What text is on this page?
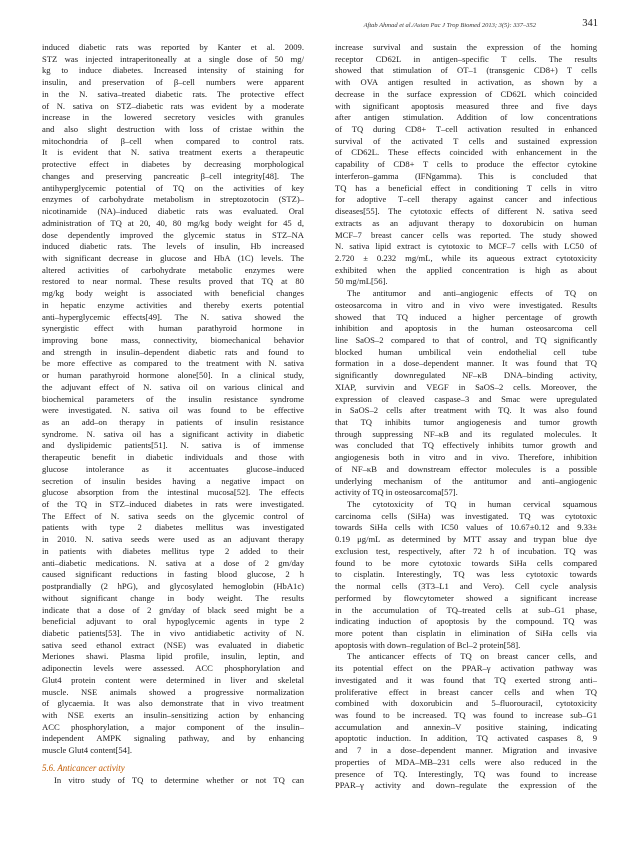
Aftab Ahmad et al./Asian Pac J Trop Biomed 2013; 3(5): 337–352	341
induced diabetic rats was reported by Kanter et al. 2009.
STZ was injected intraperitoneally at a single dose of 50 mg/
kg to induce diabetes. Increased intensity of staining for
insulin, and preservation of β–cell numbers were apparent
in the N. sativa–treated diabetic rats. The protective effect
of N. sativa on STZ–diabetic rats was evident by a moderate
increase in the lowered secretory vesicles with granules
and also slight destruction with loss of cristae within the
mitochondria of β–cell when compared to control rats.
It is evident that N. sativa treatment exerts a therapeutic
protective effect in diabetes by decreasing morphological
changes and preserving pancreatic β–cell integrity[48]. The
antihyperglycemic potential of TQ on the activities of key
enzymes of carbohydrate metabolism in streptozotocin (STZ)–
nicotinamide (NA)–induced diabetic rats was evaluated. Oral
administration of TQ at 20, 40, 80 mg/kg body weight for 45 d,
dose dependently improved the glycemic status in STZ–NA
induced diabetic rats. The levels of insulin, Hb increased
with significant decrease in glucose and HbA (1C) levels. The
altered activities of carbohydrate metabolic enzymes were
restored to near normal. These results proved that TQ at 80
mg/kg body weight is associated with beneficial changes
in hepatic enzyme activities and thereby exerts potential
anti–hyperglycemic effects[49]. The N. sativa showed the
synergistic effect with human parathyroid hormone in
improving bone mass, connectivity, biomechanical behavior
and strength in insulin–dependent diabetic rats and found to
be more effective as compared to the treatment with N. sativa
or human parathyroid hormone alone[50]. In a clinical study,
the adjuvant effect of N. sativa oil on various clinical and
biochemical parameters of the insulin resistance syndrome
were investigated. N. sativa oil was found to be effective
as an add–on therapy in patients of insulin resistance
syndrome. N. sativa oil has a significant activity in diabetic
and dyslipidemic patients[51]. N. sativa is of immense
therapeutic benefit in diabetic individuals and those with
glucose intolerance as it accentuates glucose–induced
secretion of insulin besides having a negative impact on
glucose absorption from the intestinal mucosa[52]. The effects
of the TQ in STZ–induced diabetes in rats were investigated.
The Effect of N. sativa seeds on the glycemic control of
patients with type 2 diabetes mellitus was investigated
in 2010. N. sativa seeds were used as an adjuvant therapy
in patients with diabetes mellitus type 2 added to their
anti–diabetic medications. N. sativa at a dose of 2 gm/day
caused significant reductions in fasting blood glucose, 2 h
postprandially (2 hPG), and glycosylated hemoglobin (HbA1c)
without significant change in body weight. The results
indicate that a dose of 2 gm/day of black seed might be a
beneficial adjuvant to oral hypoglycemic agents in type 2
diabetic patients[53]. The in vivo antidiabetic activity of N.
sativa seed ethanol extract (NSE) was evaluated in diabetic
Meriones shawi. Plasma lipid profile, insulin, leptin, and
adiponectin levels were assessed. ACC phosphorylation and
Glut4 protein content were determined in liver and skeletal
muscle. NSE animals showed a progressive normalization
of glycaemia. It was also demonstrate that in vivo treatment
with NSE exerts an insulin–sensitizing action by enhancing
ACC phosphorylation, a major component of the insulin–
independent AMPK signaling pathway, and by enhancing
muscle Glut4 content[54].
5.6. Anticancer activity
In vitro study of TQ to determine whether or not TQ can
increase survival and sustain the expression of the homing
receptor CD62L in antigen–specific T cells. The results
showed that stimulation of OT–1 (transgenic CD8+) T cells
with OVA antigen resulted in activation, as shown by a
decrease in the surface expression of CD62L which coincided
with significant apoptosis measured three and five days
after antigen stimulation. Addition of low concentrations
of TQ during CD8+ T–cell activation resulted in enhanced
survival of the activated T cells and sustained expression
of CD62L. These effects coincided with enhancement in the
capability of CD8+ T cells to produce the effector cytokine
interferon–gamma (IFNgamma). This is concluded that
TQ has a beneficial effect in conditioning T cells in vitro
for adoptive T–cell therapy against cancer and infectious
diseases[55]. The cytotoxic effects of different N. sativa seed
extracts as an adjuvant therapy to doxorubicin on human
MCF–7 breast cancer cells was reported. The study showed
N. sativa lipid extract is cytotoxic to MCF–7 cells with LC50 of
2.720 ± 0.232 mg/mL, while its aqueous extract cytotoxicity
exhibited when the applied concentration is high as about
50 mg/mL[56].
The antitumor and anti–angiogenic effects of TQ on
osteosarcoma in vitro and in vivo were investigated. Results
showed that TQ induced a higher percentage of growth
inhibition and apoptosis in the human osteosarcoma cell
line SaOS–2 compared to that of control, and TQ significantly
blocked human umbilical vein endothelial cell tube
formation in a dose–dependent manner. It was found that TQ
significantly downregulated NF–κB DNA–binding activity,
XIAP, survivin and VEGF in SaOS–2 cells. Moreover, the
expression of cleaved caspase–3 and Smac were upregulated
in SaOS–2 cells after treatment with TQ. It was also found
that TQ inhibits tumor angiogenesis and tumor growth
through suppressing NF–κB and its regulated molecules. It
was concluded that TQ effectively inhibits tumor growth and
angiogenesis both in vitro and in vivo. Therefore, inhibition
of NF–κB and downstream effector molecules is a possible
underlying mechanism of the antitumor and anti–angiogenic
activity of TQ in osteosarcoma[57].
The cytotoxicity of TQ in human cervical squamous
carcinoma cells (SiHa) was investigated. TQ was cytotoxic
towards SiHa cells with IC50 values of 10.67±0.12 and 9.33±
0.19 μg/mL as determined by MTT assay and trypan blue dye
exclusion test, respectively, after 72 h of incubation. TQ was
found to be more cytotoxic towards SiHa cells compared
to cisplatin. Interestingly, TQ was less cytotoxic towards
the normal cells (3T3–L1 and Vero). Cell cycle analysis
performed by flowcytometer showed a significant increase
in the accumulation of TQ–treated cells at sub–G1 phase,
indicating induction of apoptosis by the compound. TQ was
more potent than cisplatin in elimination of SiHa cells via
apoptosis with down–regulation of Bcl–2 protein[58].
The anticancer effects of TQ on breast cancer cells, and
its potential effect on the PPAR–γ activation pathway was
investigated and it was found that TQ exerted strong anti–
proliferative effect in breast cancer cells and when TQ
combined with doxorubicin and 5–fluorouracil, cytotoxicity
was found to be increased. TQ was found to increase sub–G1
accumulation and annexin–V positive staining, indicating
apoptotic induction. In addition, TQ activated caspases 8, 9
and 7 in a dose–dependent manner. Migration and invasive
properties of MDA–MB–231 cells were also reduced in the
presence of TQ. Interestingly, TQ was found to increase
PPAR–γ activity and down–regulate the expression of the
